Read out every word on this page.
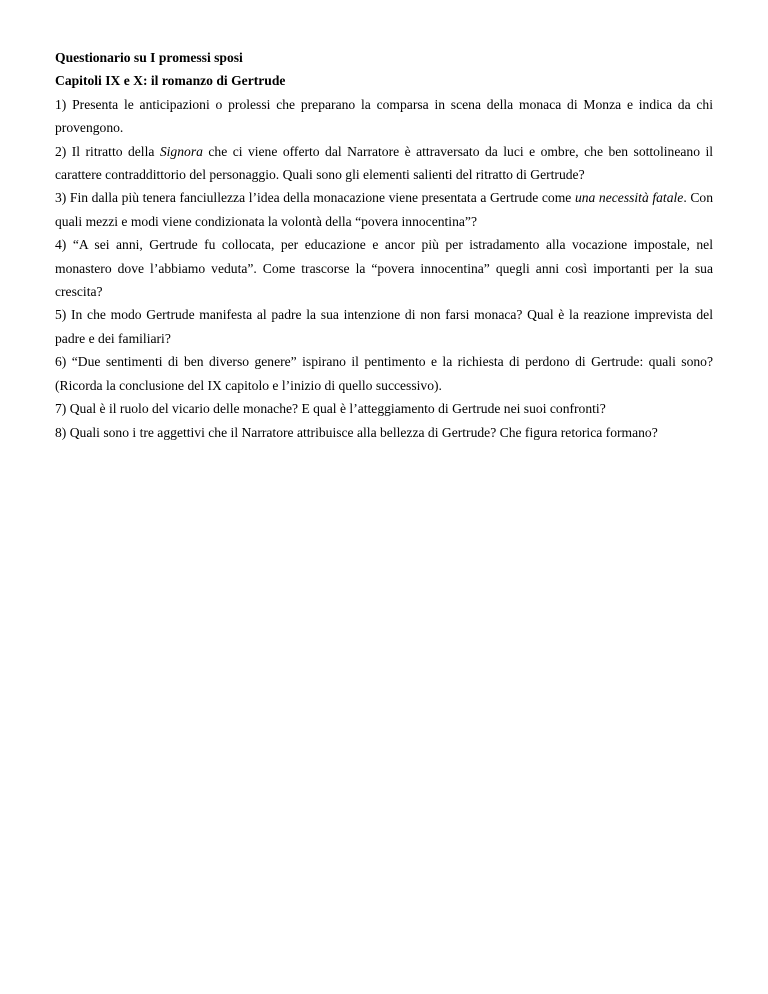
Questionario su I promessi sposi

Capitoli IX e X: il romanzo di Gertrude

1) Presenta le anticipazioni o prolessi che preparano la comparsa in scena della monaca di Monza e indica da chi provengono.

2) Il ritratto della Signora che ci viene offerto dal Narratore è attraversato da luci e ombre, che ben sottolineano il carattere contraddittorio del personaggio. Quali sono gli elementi salienti del ritratto di Gertrude?

3) Fin dalla più tenera fanciullezza l’idea della monacazione viene presentata a Gertrude come una necessità fatale. Con quali mezzi e modi viene condizionata la volontà della “povera innocentina”?

4) “A sei anni, Gertrude fu collocata, per educazione e ancor più per istradamento alla vocazione impostale, nel monastero dove l’abbiamo veduta”. Come trascorse la “povera innocentina” quegli anni così importanti per la sua crescita?

5) In che modo Gertrude manifesta al padre la sua intenzione di non farsi monaca? Qual è la reazione imprevista del padre e dei familiari?

6) “Due sentimenti di ben diverso genere” ispirano il pentimento e la richiesta di perdono di Gertrude: quali sono? (Ricorda la conclusione del IX capitolo e l’inizio di quello successivo).

7) Qual è il ruolo del vicario delle monache? E qual è l’atteggiamento di Gertrude nei suoi confronti?

8) Quali sono i tre aggettivi che il Narratore attribuisce alla bellezza di Gertrude? Che figura retorica formano?
